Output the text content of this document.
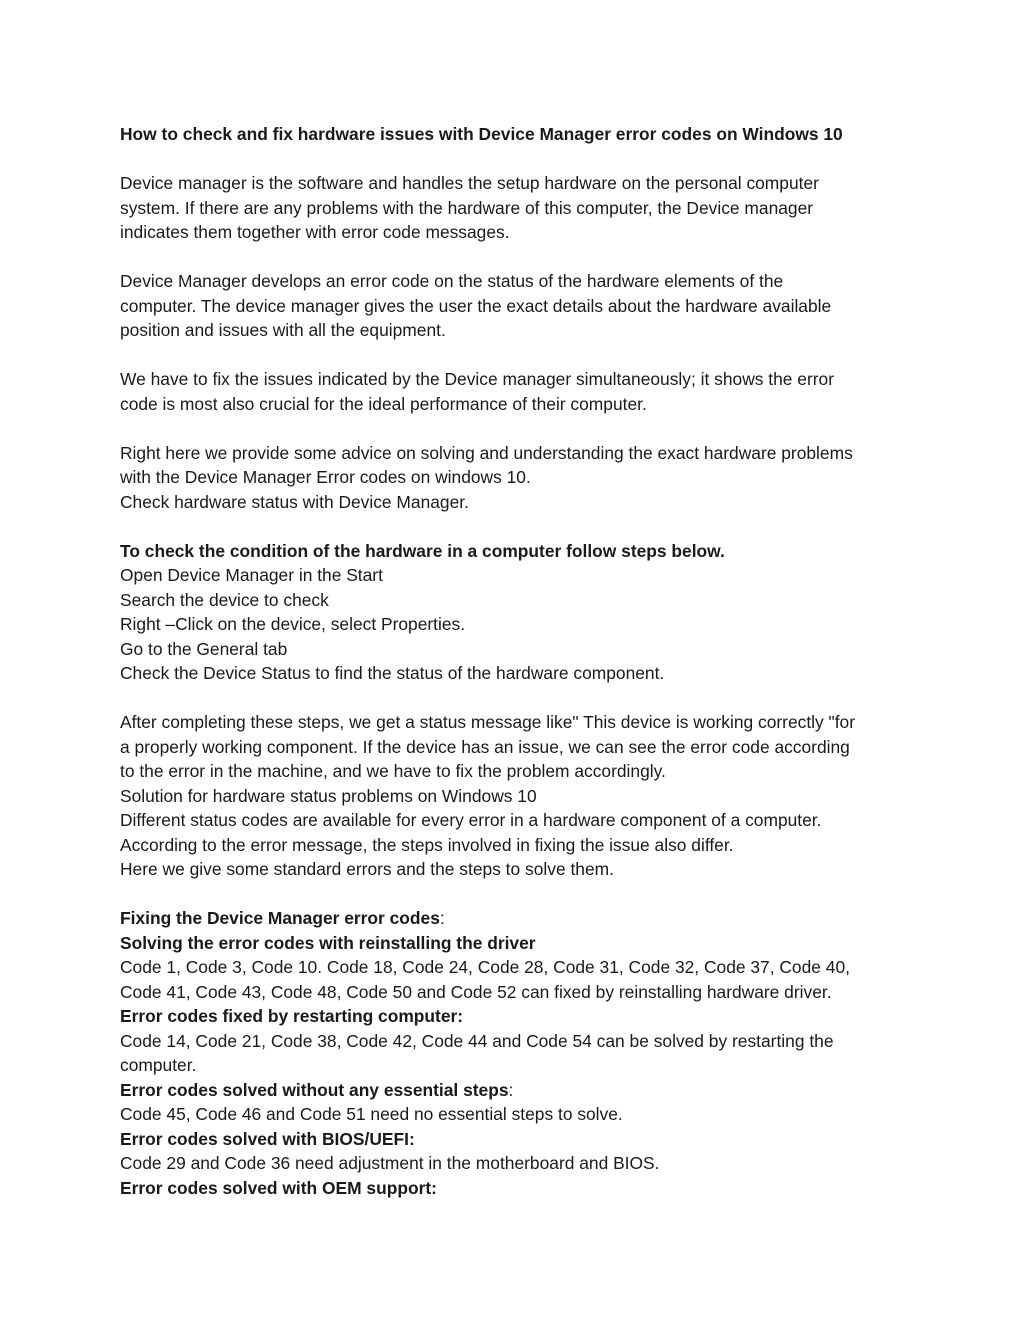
How to check and fix hardware issues with Device Manager error codes on Windows 10
Device manager is the software and handles the setup hardware on the personal computer
system. If there are any problems with the hardware of this computer, the Device manager
indicates them together with error code messages.
Device Manager develops an error code on the status of the hardware elements of the
computer. The device manager gives the user the exact details about the hardware available
position and issues with all the equipment.
We have to fix the issues indicated by the Device manager simultaneously; it shows the error
code is most also crucial for the ideal performance of their computer.
Right here we provide some advice on solving and understanding the exact hardware problems
with the Device Manager Error codes on windows 10.
Check hardware status with Device Manager.
To check the condition of the hardware in a computer follow steps below.
Open Device Manager in the Start
Search the device to check
Right –Click on the device, select Properties.
Go to the General tab
Check the Device Status to find the status of the hardware component.
After completing these steps, we get a status message like" This device is working correctly "for
a properly working component. If the device has an issue, we can see the error code according
to the error in the machine, and we have to fix the problem accordingly.
Solution for hardware status problems on Windows 10
Different status codes are available for every error in a hardware component of a computer.
According to the error message, the steps involved in fixing the issue also differ.
Here we give some standard errors and the steps to solve them.
Fixing the Device Manager error codes:
Solving the error codes with reinstalling the driver
Code 1, Code 3, Code 10. Code 18, Code 24, Code 28, Code 31, Code 32, Code 37, Code 40,
Code 41, Code 43, Code 48, Code 50 and Code 52 can fixed by reinstalling hardware driver.
Error codes fixed by restarting computer:
Code 14, Code 21, Code 38, Code 42, Code 44 and Code 54 can be solved by restarting the
computer.
Error codes solved without any essential steps:
Code 45, Code 46 and Code 51 need no essential steps to solve.
Error codes solved with BIOS/UEFI:
Code 29 and Code 36 need adjustment in the motherboard and BIOS.
Error codes solved with OEM support:
